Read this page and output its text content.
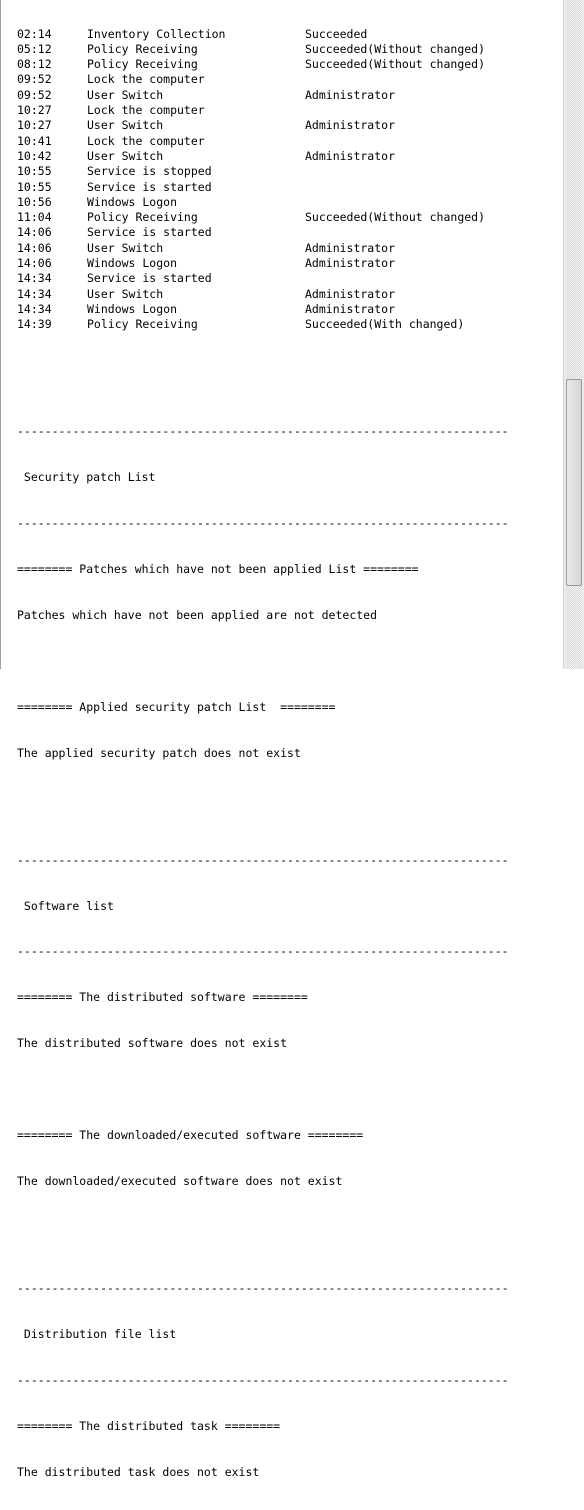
02:14	Inventory Collection	Succeeded
05:12	Policy Receiving	Succeeded(Without changed)
08:12	Policy Receiving	Succeeded(Without changed)
09:52	Lock the computer
09:52	User Switch	Administrator
10:27	Lock the computer
10:27	User Switch	Administrator
10:41	Lock the computer
10:42	User Switch	Administrator
10:55	Service is stopped
10:55	Service is started
10:56	Windows Logon
11:04	Policy Receiving	Succeeded(Without changed)
14:06	Service is started
14:06	User Switch	Administrator
14:06	Windows Logon	Administrator
14:34	Service is started
14:34	User Switch	Administrator
14:34	Windows Logon	Administrator
14:39	Policy Receiving	Succeeded(With changed)

-----------------------------------------------------------------------

Security patch List

-----------------------------------------------------------------------

======== Patches which have not been applied List ========

Patches which have not been applied are not detected

======== Applied security patch List  ========

The applied security patch does not exist

-----------------------------------------------------------------------

Software list

-----------------------------------------------------------------------

======== The distributed software ========

The distributed software does not exist

======== The downloaded/executed software ========

The downloaded/executed software does not exist

-----------------------------------------------------------------------

Distribution file list

-----------------------------------------------------------------------

======== The distributed task ========

The distributed task does not exist
